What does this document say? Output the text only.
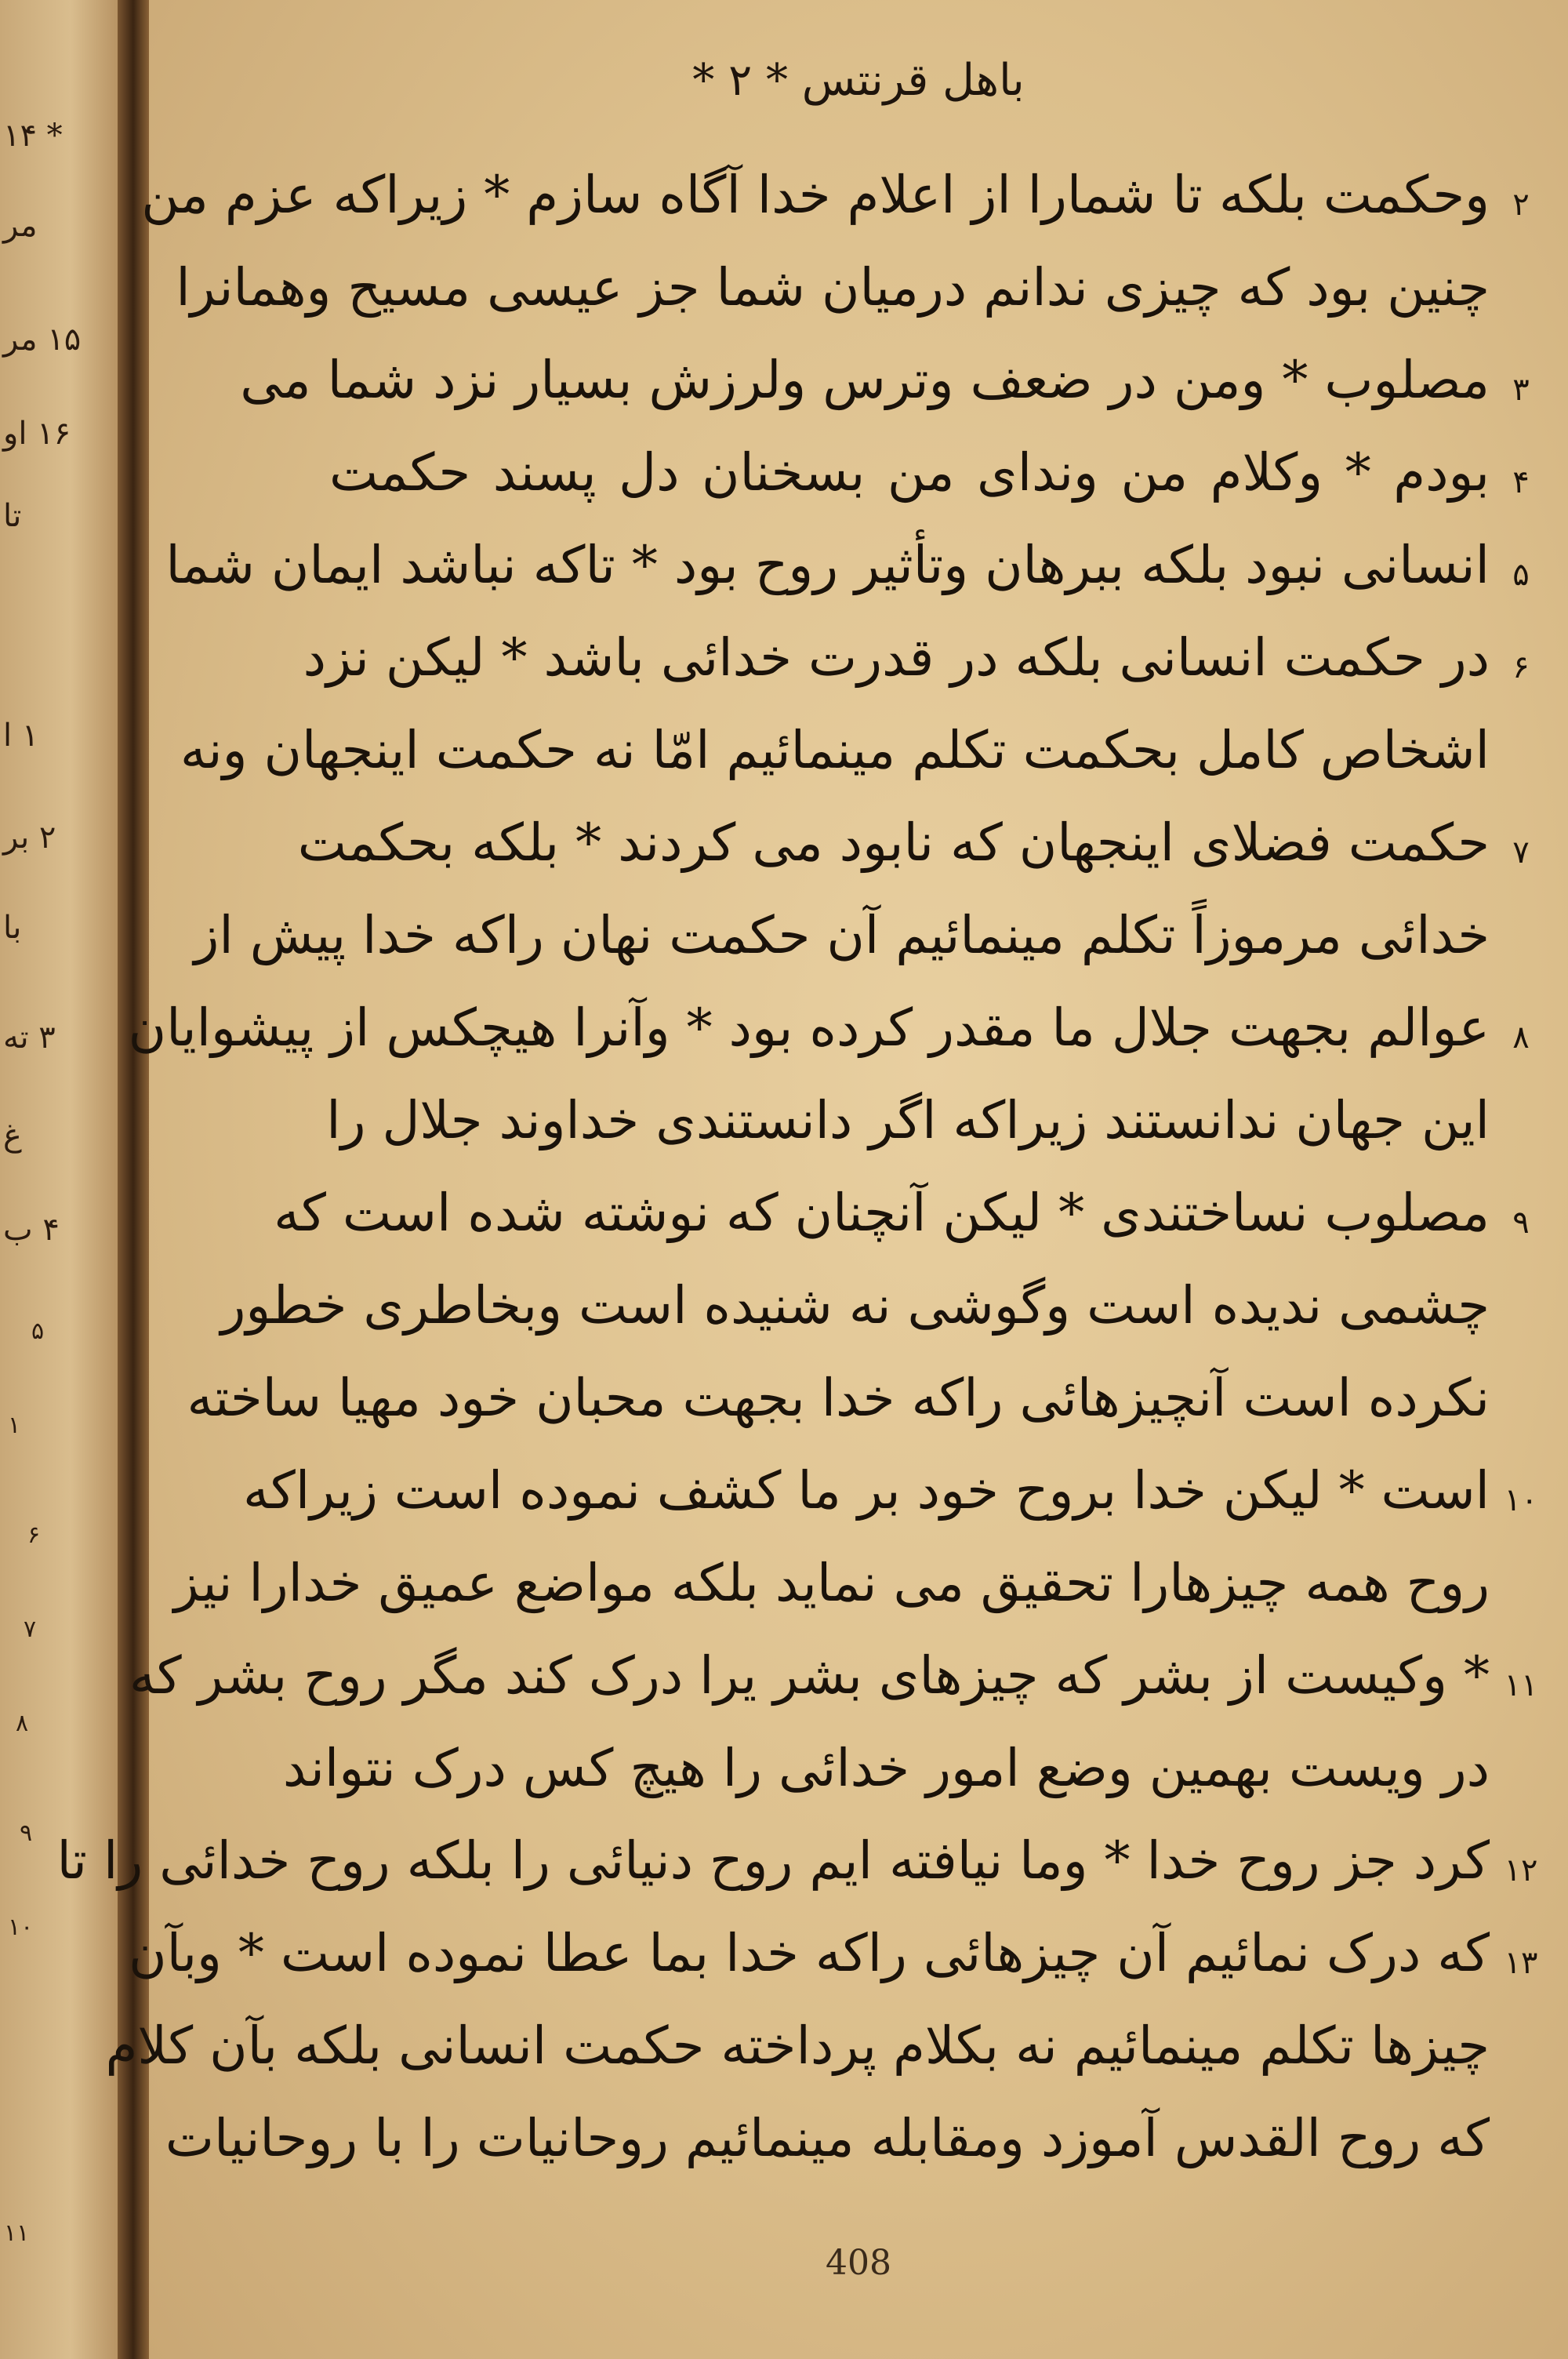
* ۱۴
مر
۱۵ مر
۱۶ او
تا
۱ ا
۲ بر
با
۳ ته
غ
۴ ب
۵
۱
۶
۷
۸
۹
۱۰
۱۱
باهل قرنتس * ۲ *
۲
وحکمت بلکه تا شمارا از اعلام خدا آگاه سازم * زیراکه عزم من
چنین بود که چیزی ندانم درمیان شما جز عیسی مسیح وهمانرا
۳
مصلوب * ومن در ضعف وترس ولرزش بسیار نزد شما می
۴
بودم * وکلام من وندای من بسخنان دل پسند حکمت
۵
انسانی نبود بلکه ببرهان وتأثیر روح بود * تاکه نباشد ایمان شما
۶
در حکمت انسانی بلکه در قدرت خدائی باشد * لیکن نزد
اشخاص کامل بحکمت تکلم مینمائیم امّا نه حکمت اینجهان ونه
۷
حکمت فضلای اینجهان که نابود می کردند * بلکه بحکمت
خدائی مرموزاً تکلم مینمائیم آن حکمت نهان راکه خدا پیش از
۸
عوالم بجهت جلال ما مقدر کرده بود * وآنرا هیچکس از پیشوایان
این جهان ندانستند زیراکه اگر دانستندی خداوند جلال را
۹
مصلوب نساختندی * لیکن آنچنان که نوشته شده است که
چشمی ندیده است وگوشی نه شنیده است وبخاطری خطور
نکرده است آنچیزهائی راکه خدا بجهت محبان خود مهیا ساخته
۱۰
است * لیکن خدا بروح خود بر ما کشف نموده است زیراکه
روح همه چیزهارا تحقیق می نماید بلکه مواضع عمیق خدارا نیز
۱۱
* وکیست از بشر که چیزهای بشر یرا درک کند مگر روح بشر که
در ویست بهمین وضع امور خدائی را هیچ کس درک نتواند
۱۲
کرد جز روح خدا * وما نیافته ایم روح دنیائی را بلکه روح خدائی را تا
۱۳
که درک نمائیم آن چیزهائی راکه خدا بما عطا نموده است * وبآن
چیزها تکلم مینمائیم نه بکلام پرداخته حکمت انسانی بلکه بآن کلام
که روح القدس آموزد ومقابله مینمائیم روحانیات را با روحانیات
408
